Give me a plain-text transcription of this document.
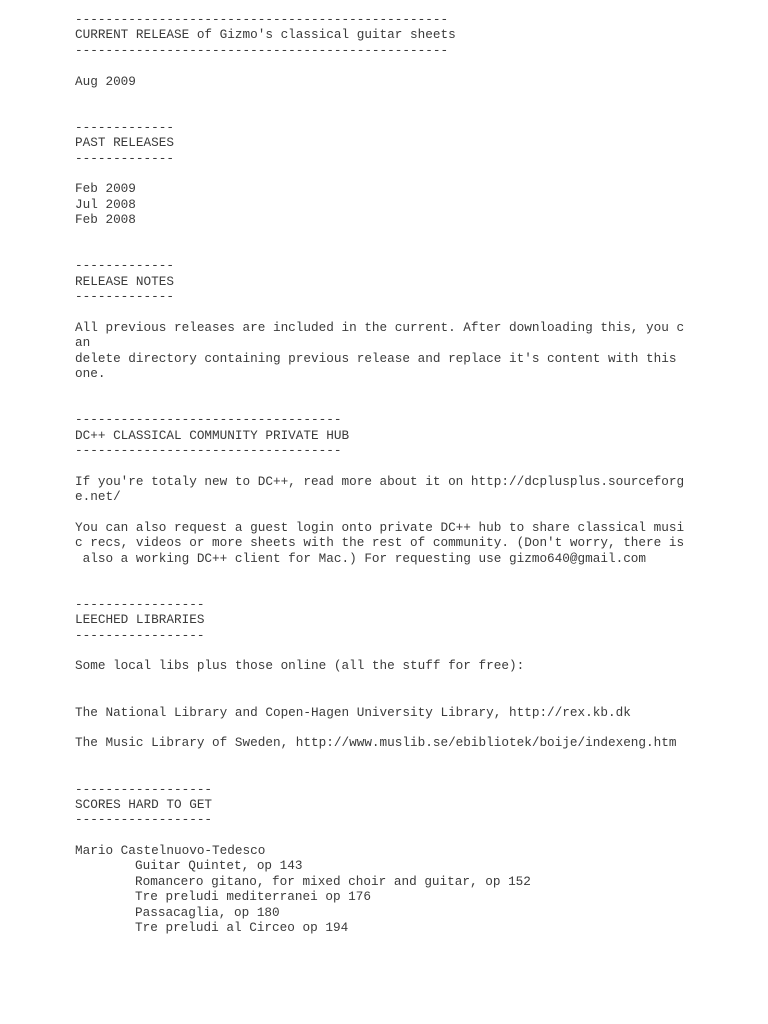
-------------------------------------------------
CURRENT RELEASE of Gizmo's classical guitar sheets
-------------------------------------------------
Aug 2009
-------------
PAST RELEASES
-------------
Feb 2009
Jul 2008
Feb 2008
-------------
RELEASE NOTES
-------------
All previous releases are included in the current. After downloading this, you c
an
delete directory containing previous release and replace it's content with this
one.
-----------------------------------
DC++ CLASSICAL COMMUNITY PRIVATE HUB
-----------------------------------
If you're totaly new to DC++, read more about it on http://dcplusplus.sourceforg
e.net/
You can also request a guest login onto private DC++ hub to share classical musi
c recs, videos or more sheets with the rest of community. (Don't worry, there is
also a working DC++ client for Mac.) For requesting use gizmo640@gmail.com
-----------------
LEECHED LIBRARIES
-----------------
Some local libs plus those online (all the stuff for free):
The National Library and Copen-Hagen University Library, http://rex.kb.dk
The Music Library of Sweden, http://www.muslib.se/ebibliotek/boije/indexeng.htm
------------------
SCORES HARD TO GET
------------------
Mario Castelnuovo-Tedesco
Guitar Quintet, op 143
Romancero gitano, for mixed choir and guitar, op 152
Tre preludi mediterranei op 176
Passacaglia, op 180
Tre preludi al Circeo op 194
